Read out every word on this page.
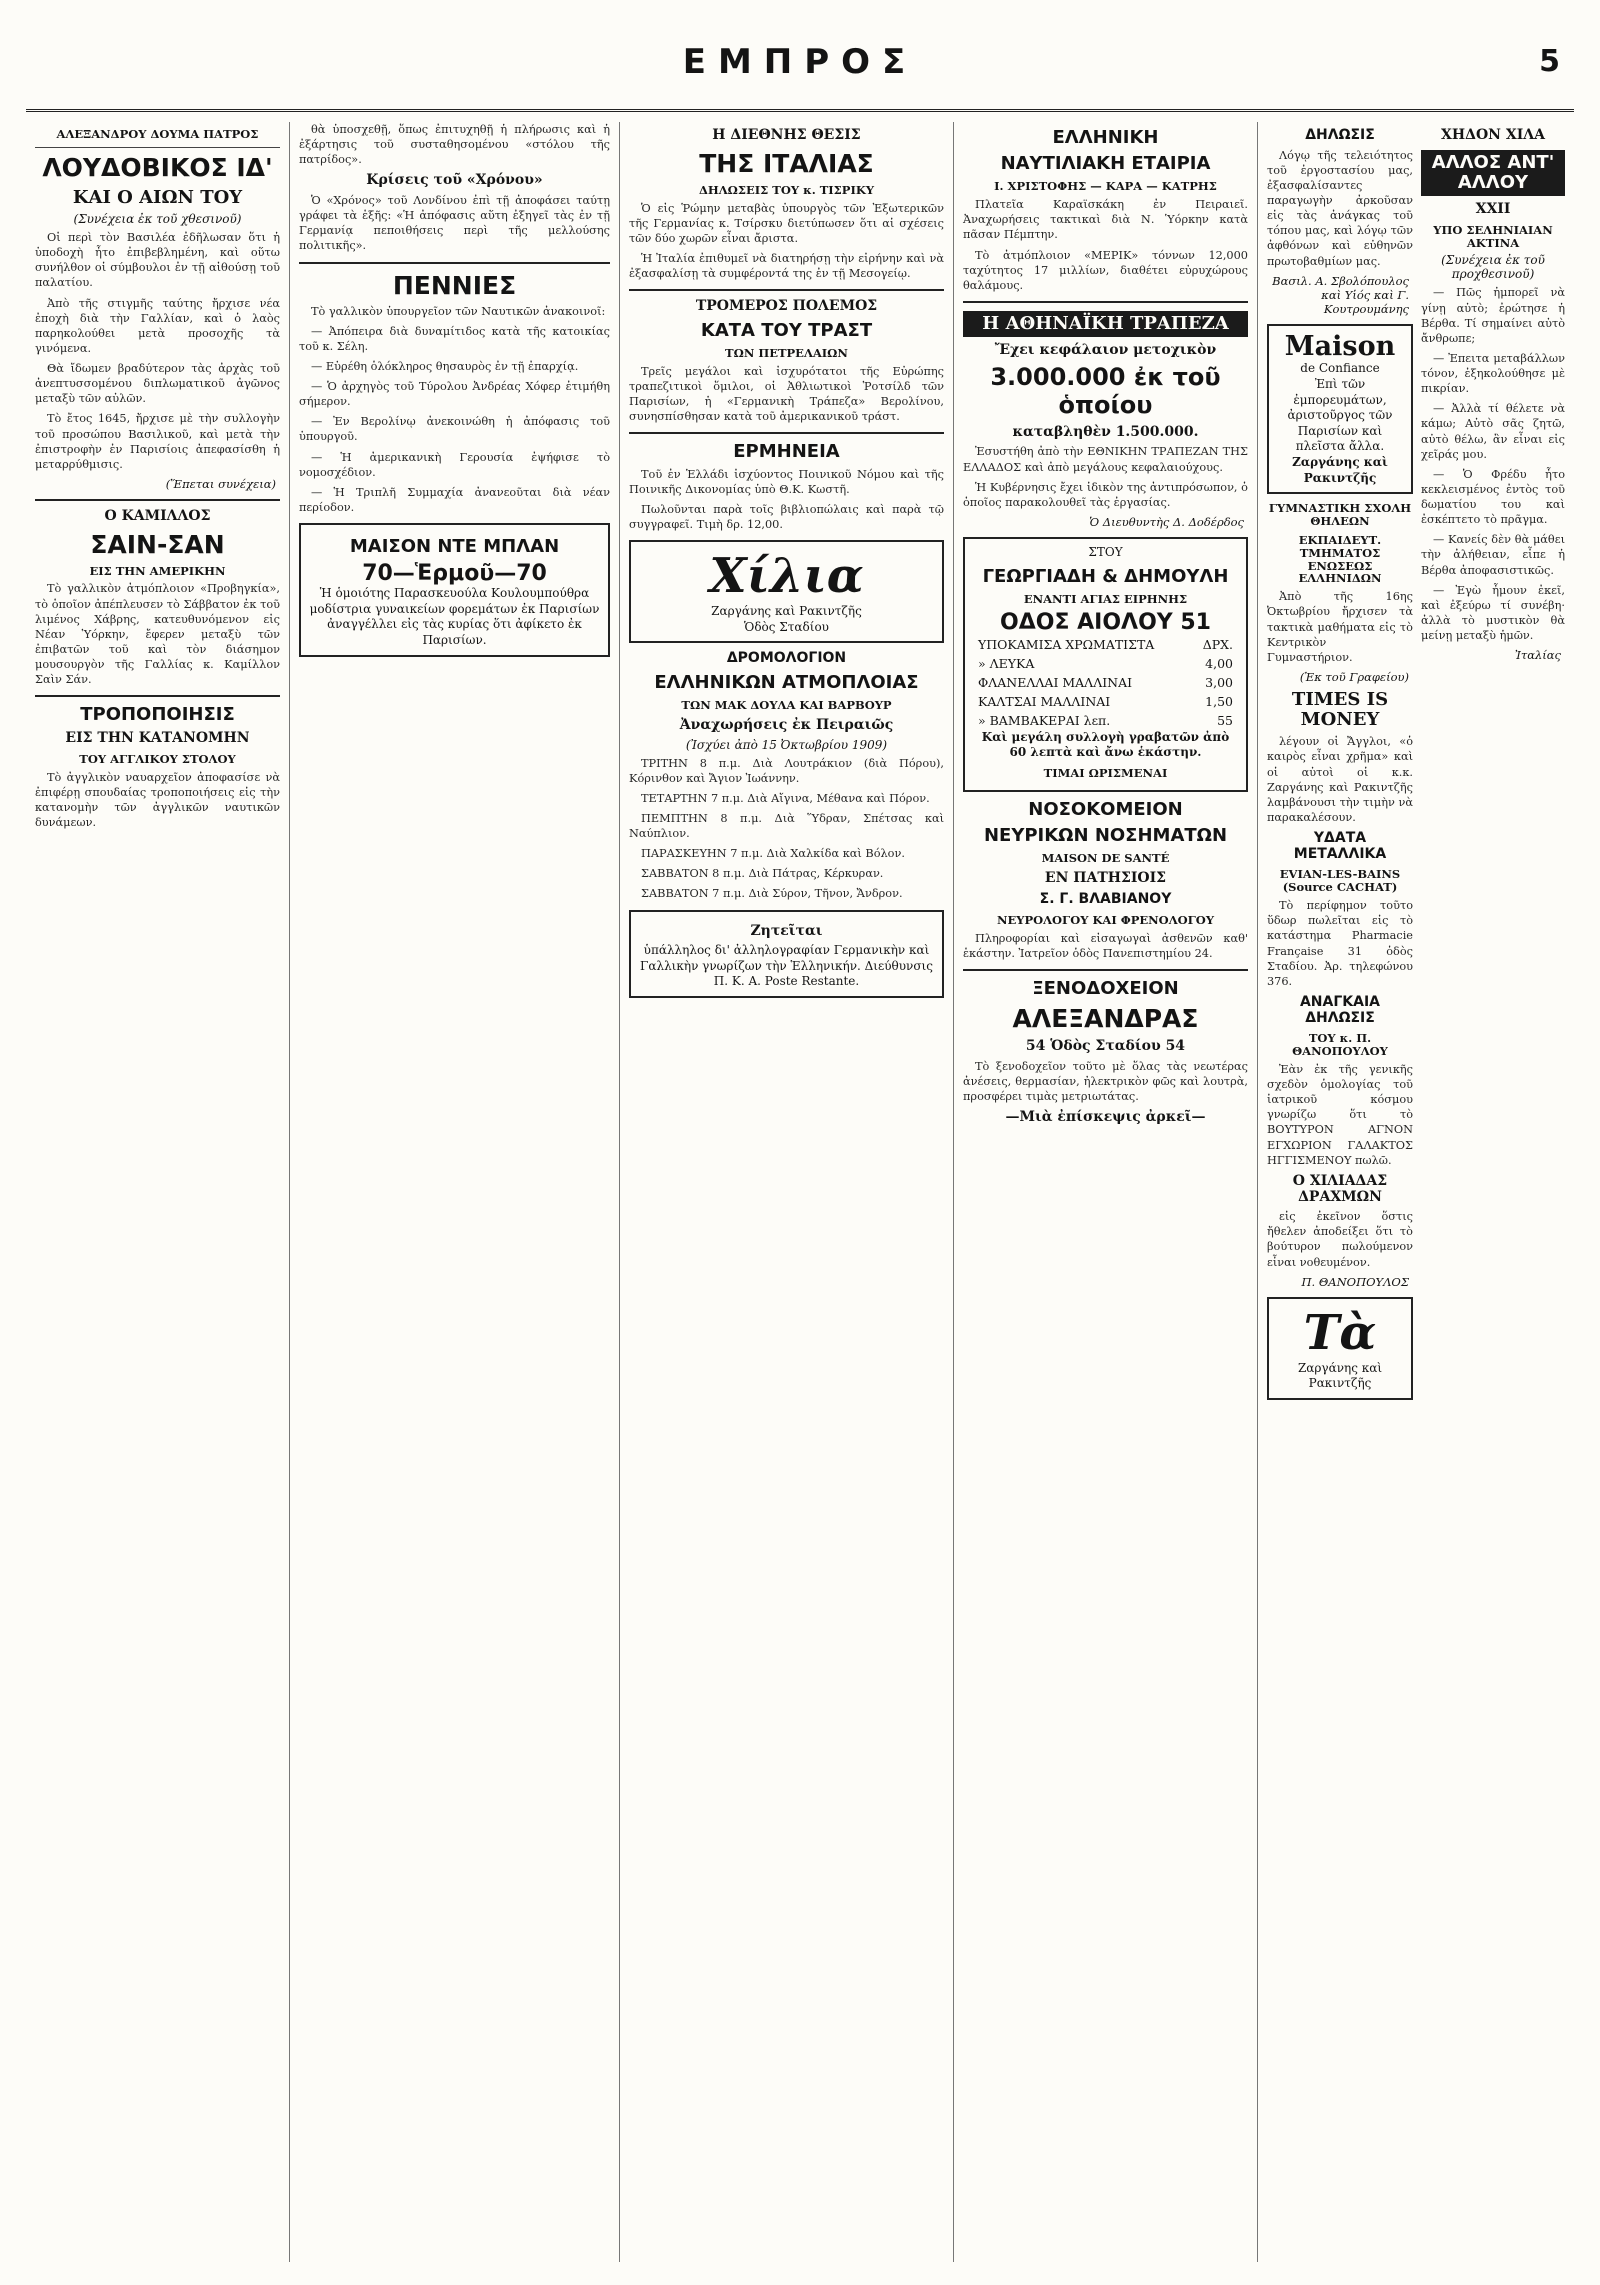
ΕΜΠΡΟΣ	5
ΑΛΕΞΑΝΔΡΟΥ ΔΟΥΜΑ ΠΑΤΡΟΣ
ΛΟΥΔΟΒΙΚΟΣ ΙΔ'
ΚΑΙ Ο ΑΙΩΝ ΤΟΥ
(Συνέχεια ἐκ τοῦ χθεσινοῦ)

Οἱ περὶ τὸν Βασιλέα ἐδῆλωσαν ὅτι ἡ ὑποδοχὴ ἦτο ἐπιβεβλημένη, καὶ οὕτω συνήλθον οἱ σύμβουλοι ἐν τῇ αἰθούσῃ τοῦ παλατίου.

Ἀπὸ τῆς στιγμῆς ταύτης ἤρχισε νέα ἐποχὴ διὰ τὴν Γαλλίαν, καὶ ὁ λαὸς παρηκολούθει μετὰ προσοχῆς τὰ γινόμενα.

Θὰ ἴδωμεν βραδύτερον τὰς ἀρχὰς τοῦ ἀνεπτυσσομένου διπλωματικοῦ ἀγῶνος μεταξὺ τῶν αὐλῶν.

Τὸ ἔτος 1645, ἤρχισε μὲ τὴν συλλογὴν τοῦ προσώπου Βασιλικοῦ, καὶ μετὰ τὴν ἐπιστροφὴν ἐν Παρισίοις ἀπεφασίσθη ἡ μεταρρύθμισις.

(Ἕπεται συνέχεια)
Ο ΚΑΜΙΛΛΟΣ
ΣΑΙΝ-ΣΑΝ
ΕΙΣ ΤΗΝ ΑΜΕΡΙΚΗΝ

Τὸ γαλλικὸν ἀτμόπλοιον «Προβηγκία», τὸ ὁποῖον ἀπέπλευσεν τὸ Σάββατον ἐκ τοῦ λιμένος Χάβρης, κατευθυνόμενον εἰς Νέαν Ὑόρκην, ἔφερεν μεταξὺ τῶν ἐπιβατῶν τοῦ καὶ τὸν διάσημον μουσουργὸν τῆς Γαλλίας κ. Καμίλλον Σαὶν Σάν.

ΤΡΟΠΟΠΟΙΗΣΙΣ
ΕΙΣ ΤΗΝ ΚΑΤΑΝΟΜΗΝ
ΤΟΥ ΑΓΓΛΙΚΟΥ ΣΤΟΛΟΥ

Τὸ ἀγγλικὸν ναυαρχεῖον ἀποφασίσε νὰ ἐπιφέρῃ σπουδαίας τροποποιήσεις εἰς τὴν κατανομὴν τῶν ἀγγλικῶν ναυτικῶν δυνάμεων.

θὰ ὑποσχεθῇ, ὅπως ἐπιτυχηθῇ ἡ πλήρωσις καὶ ἡ ἐξάρτησις τοῦ συσταθησομένου «στόλου τῆς πατρίδος».

Κρίσεις τοῦ «Χρόνου»

Ὁ «Χρόνος» τοῦ Λονδίνου ἐπὶ τῇ ἀποφάσει ταύτῃ γράφει τὰ ἑξῆς: «Ἡ ἀπόφασις αὕτη ἐξηγεῖ τὰς ἐν τῇ Γερμανίᾳ πεποιθήσεις περὶ τῆς μελλούσης πολιτικῆς».

ΠΕΝΝΙΕΣ

Τὸ γαλλικὸν ὑπουργεῖον τῶν Ναυτικῶν ἀνακοινοῖ:

— Ἀπόπειρα διὰ δυναμίτιδος κατὰ τῆς κατοικίας τοῦ κ. Σέλη.

— Εὑρέθη ὁλόκληρος θησαυρὸς ἐν τῇ ἐπαρχίᾳ.

— Ὁ ἀρχηγὸς τοῦ Τύρολου Ἀνδρέας Χόφερ ἐτιμήθη σήμερον.

— Ἐν Βερολίνῳ ἀνεκοινώθη ἡ ἀπόφασις τοῦ ὑπουργοῦ.

— Ἡ ἀμερικανικὴ Γερουσία ἐψήφισε τὸ νομοσχέδιον.

— Ἡ Τριπλῆ Συμμαχία ἀνανεοῦται διὰ νέαν περίοδον.

ΜΑΙΣΟΝ ΝΤΕ ΜΠΛΑΝ
70—Ἑρμοῦ—70
Ἡ ὁμοιότης Παρασκευούλα Κουλουμπούθρα μοδίστρια γυναικείων φορεμάτων ἐκ Παρισίων ἀναγγέλλει εἰς τὰς κυρίας ὅτι ἀφίκετο ἐκ Παρισίων.
Η ΔΙΕΘΝΗΣ ΘΕΣΙΣ
ΤΗΣ ΙΤΑΛΙΑΣ
ΔΗΛΩΣΕΙΣ ΤΟΥ κ. ΤΙΣΡΙΚΥ

Ὁ εἰς Ῥώμην μεταβὰς ὑπουργὸς τῶν Ἐξωτερικῶν τῆς Γερμανίας κ. Τσίρσκυ διετύπωσεν ὅτι αἱ σχέσεις τῶν δύο χωρῶν εἶναι ἄριστα.

Ἡ Ἰταλία ἐπιθυμεῖ νὰ διατηρήσῃ τὴν εἰρήνην καὶ νὰ ἐξασφαλίσῃ τὰ συμφέροντά της ἐν τῇ Μεσογείῳ.

ΤΡΟΜΕΡΟΣ ΠΟΛΕΜΟΣ
ΚΑΤΑ ΤΟΥ ΤΡΑΣΤ
ΤΩΝ ΠΕΤΡΕΛΑΙΩΝ

Τρεῖς μεγάλοι καὶ ἰσχυρότατοι τῆς Εὐρώπης τραπεζιτικοὶ ὅμιλοι, οἱ Ἀθλιωτικοὶ Ῥοτσίλδ τῶν Παρισίων, ἡ «Γερμανικὴ Τράπεζα» Βερολίνου, συνησπίσθησαν κατὰ τοῦ ἀμερικανικοῦ τράστ.

ΕΡΜΗΝΕΙΑ

Τοῦ ἐν Ἑλλάδι ἰσχύοντος Ποινικοῦ Νόμου καὶ τῆς Ποινικῆς Δικονομίας ὑπὸ Θ.Κ. Κωστῆ.

Πωλοῦνται παρὰ τοῖς βιβλιοπώλαις καὶ παρὰ τῷ συγγραφεῖ. Τιμὴ δρ. 12,00.

Χίλια
Ζαργάνης καὶ Ρακιντζῆς
Ὁδὸς Σταδίου
ΔΡΟΜΟΛΟΓΙΟΝ
ΕΛΛΗΝΙΚΩΝ ΑΤΜΟΠΛΟΙΑΣ
ΤΩΝ ΜΑΚ ΔΟΥΛΑ ΚΑΙ ΒΑΡΒΟΥΡ
Ἀναχωρήσεις ἐκ Πειραιῶς
(Ἰσχύει ἀπὸ 15 Ὀκτωβρίου 1909)

ΤΡΙΤΗΝ 8 π.μ. Διὰ Λουτράκιον (διὰ Πόρου), Κόρινθον καὶ Ἄγιον Ἰωάννην.

ΤΕΤΑΡΤΗΝ 7 π.μ. Διὰ Αἴγινα, Μέθανα καὶ Πόρον.

ΠΕΜΠΤΗΝ 8 π.μ. Διὰ Ὕδραν, Σπέτσας καὶ Ναύπλιον.

ΠΑΡΑΣΚΕΥΗΝ 7 π.μ. Διὰ Χαλκίδα καὶ Βόλον.

ΣΑΒΒΑΤΟΝ 8 π.μ. Διὰ Πάτρας, Κέρκυραν.

ΣΑΒΒΑΤΟΝ 7 π.μ. Διὰ Σύρον, Τῆνον, Ἄνδρον.

Ζητεῖται
ὑπάλληλος δι' ἀλληλογραφίαν Γερμανικὴν καὶ Γαλλικὴν γνωρίζων τὴν Ἑλληνικήν. Διεύθυνσις Π. Κ. Α. Poste Restante.
ΕΛΛΗΝΙΚΗ
ΝΑΥΤΙΛΙΑΚΗ ΕΤΑΙΡΙΑ
Ι. ΧΡΙΣΤΟΦΗΣ — ΚΑΡΑ — ΚΑΤΡΗΣ

Πλατεῖα Καραϊσκάκη ἐν Πειραιεῖ. Ἀναχωρήσεις τακτικαὶ διὰ Ν. Ὑόρκην κατὰ πᾶσαν Πέμπτην.

Τὸ ἀτμόπλοιον «ΜΕΡΙΚ» τόννων 12,000 ταχύτητος 17 μιλλίων, διαθέτει εὐρυχώρους θαλάμους.

Η ΑΘΗΝΑΪΚΗ ΤΡΑΠΕΖΑ
Ἔχει κεφάλαιον μετοχικὸν
3.000.000 ἐκ τοῦ ὁποίου
καταβληθὲν 1.500.000.

Ἐσυστήθη ἀπὸ τὴν ΕΘΝΙΚΗΝ ΤΡΑΠΕΖΑΝ ΤΗΣ ΕΛΛΑΔΟΣ καὶ ἀπὸ μεγάλους κεφαλαιούχους.

Ἡ Κυβέρνησις ἔχει ἰδικὸν της ἀντιπρόσωπον, ὁ ὁποῖος παρακολουθεῖ τὰς ἐργασίας.

Ὁ Διευθυντὴς Δ. Δοδέρδος
ΣΤΟΥ
ΓΕΩΡΓΙΑΔΗ & ΔΗΜΟΥΛΗ
ΕΝΑΝΤΙ ΑΓΙΑΣ ΕΙΡΗΝΗΣ
ΟΔΟΣ ΑΙΟΛΟΥ 51
ΥΠΟΚΑΜΙΣΑ ΧΡΩΜΑΤΙΣΤΑ	ΔΡΧ.
» ΛΕΥΚΑ	4,00
ΦΛΑΝΕΛΛΑΙ ΜΑΛΛΙΝΑΙ	3,00
ΚΑΛΤΣΑΙ ΜΑΛΛΙΝΑΙ	1,50
» ΒΑΜΒΑΚΕΡΑΙ λεπ.	55
Καὶ μεγάλη συλλογὴ γραβατῶν ἀπὸ 60 λεπτὰ καὶ ἄνω ἑκάστην.
ΤΙΜΑΙ ΩΡΙΣΜΕΝΑΙ
ΝΟΣΟΚΟΜΕΙΟΝ
ΝΕΥΡΙΚΩΝ ΝΟΣΗΜΑΤΩΝ
MAISON DE SANTÉ
ΕΝ ΠΑΤΗΣΙΟΙΣ
Σ. Γ. ΒΛΑΒΙΑΝΟΥ
ΝΕΥΡΟΛΟΓΟΥ ΚΑΙ ΦΡΕΝΟΛΟΓΟΥ

Πληροφορίαι καὶ εἰσαγωγαὶ ἀσθενῶν καθ' ἑκάστην. Ἰατρεῖον ὁδὸς Πανεπιστημίου 24.

ΞΕΝΟΔΟΧΕΙΟΝ
ΑΛΕΞΑΝΔΡΑΣ
54 Ὁδὸς Σταδίου 54

Τὸ ξενοδοχεῖον τοῦτο μὲ ὅλας τὰς νεωτέρας ἀνέσεις, θερμασίαν, ἠλεκτρικὸν φῶς καὶ λουτρὰ, προσφέρει τιμὰς μετριωτάτας.

—Μιὰ ἐπίσκεψις ἀρκεῖ—
ΔΗΛΩΣΙΣ

Λόγῳ τῆς τελειότητος τοῦ ἐργοστασίου μας, ἐξασφαλίσαντες παραγωγὴν ἀρκοῦσαν εἰς τὰς ἀνάγκας τοῦ τόπου μας, καὶ λόγῳ τῶν ἀφθόνων καὶ εὐθηνῶν πρωτοβαθμίων μας.

Βασιλ. Α. Σβολόπουλος καὶ Υἱός καὶ Γ. Κουτρουμάνης
Maison
de Confiance
Ἐπὶ τῶν ἐμπορευμάτων, ἀριστοῦργος τῶν Παρισίων καὶ πλεῖστα ἄλλα.
Ζαργάνης καὶ Ρακιντζῆς
ΓΥΜΝΑΣΤΙΚΗ ΣΧΟΛΗ ΘΗΛΕΩΝ
ΕΚΠΑΙΔΕΥΤ. ΤΜΗΜΑΤΟΣ ΕΝΩΣΕΩΣ ΕΛΛΗΝΙΔΩΝ

Ἀπὸ τῆς 16ης Ὀκτωβρίου ἤρχισεν τὰ τακτικὰ μαθήματα εἰς τὸ Κεντρικὸν Γυμναστήριον.

(Ἐκ τοῦ Γραφείου)
TIMES IS MONEY

λέγουν οἱ Ἄγγλοι, «ὁ καιρὸς εἶναι χρῆμα» καὶ οἱ αὐτοὶ οἱ κ.κ. Ζαργάνης καὶ Ρακιντζῆς λαμβάνουσι τὴν τιμὴν νὰ παρακαλέσουν.

ΥΔΑΤΑ ΜΕΤΑΛΛΙΚΑ
EVIAN-LES-BAINS (Source CACHAT)

Τὸ περίφημον τοῦτο ὕδωρ πωλεῖται εἰς τὸ κατάστημα Pharmacie Française 31 ὁδὸς Σταδίου. Ἀρ. τηλεφώνου 376.

ΑΝΑΓΚΑΙΑ ΔΗΛΩΣΙΣ
ΤΟΥ κ. Π. ΘΑΝΟΠΟΥΛΟΥ

Ἐὰν ἐκ τῆς γενικῆς σχεδὸν ὁμολογίας τοῦ ἰατρικοῦ κόσμου γνωρίζω ὅτι τὸ ΒΟΥΤΥΡΟΝ ΑΓΝΟΝ ΕΓΧΩΡΙΟΝ ΓΑΛΑΚΤΟΣ ΗΓΓΙΣΜΕΝΟΥ πωλῶ.

Ο ΧΙΛΙΑΔΑΣ ΔΡΑΧΜΩΝ

εἰς ἐκεῖνον ὅστις ἤθελεν ἀποδείξει ὅτι τὸ βούτυρον πωλούμενον εἶναι νοθευμένον.

Π. ΘΑΝΟΠΟΥΛΟΣ
Τὰ
Ζαργάνης καὶ Ρακιντζῆς
ΧΗΔΟΝ ΧΙΛΑ
ΑΛΛΟΣ ΑΝΤ' ΑΛΛΟΥ
XXII
ΥΠΟ ΣΕΛΗΝΙΑΙΑΝ ΑΚΤΙΝΑ
(Συνέχεια ἐκ τοῦ προχθεσινοῦ)

— Πῶς ἠμπορεῖ νὰ γίνῃ αὐτὸ; ἐρώτησε ἡ Βέρθα. Τί σημαίνει αὐτὸ ἄνθρωπε;

— Ἐπειτα μεταβάλλων τόνον, ἐξηκολούθησε μὲ πικρίαν.

— Ἀλλὰ τί θέλετε νὰ κάμω; Αὐτὸ σᾶς ζητῶ, αὐτὸ θέλω, ἂν εἶναι εἰς χεῖράς μου.

— Ὁ Φρέδυ ἦτο κεκλεισμένος ἐντὸς τοῦ δωματίου του καὶ ἐσκέπτετο τὸ πρᾶγμα.

— Κανείς δὲν θὰ μάθει τὴν ἀλήθειαν, εἶπε ἡ Βέρθα ἀποφασιστικῶς.

— Ἐγὼ ἦμουν ἐκεῖ, καὶ ἐξεύρω τί συνέβη· ἀλλὰ τὸ μυστικὸν θὰ μείνῃ μεταξὺ ἡμῶν.

Ἰταλίας
